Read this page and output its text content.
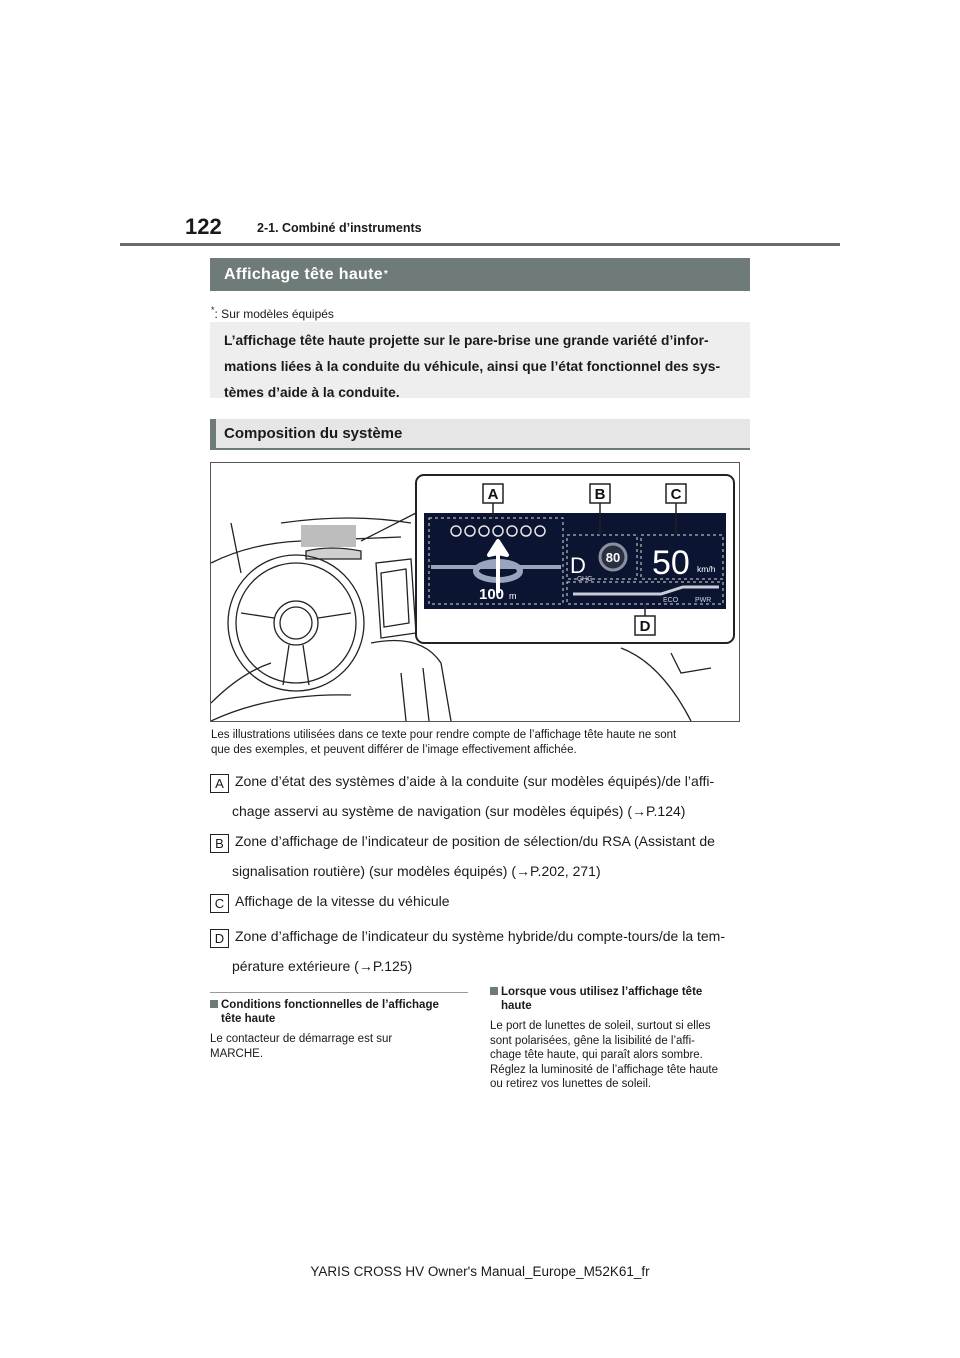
122	2-1. Combiné d’instruments
Affichage tête haute *
*: Sur modèles équipés
L’affichage tête haute projette sur le pare-brise une grande variété d’infor-
mations liées à la conduite du véhicule, ainsi que l’état fonctionnel des sys-
tèmes d’aide à la conduite.
Composition du système
100 m
D 80 50 km/h
CHG
ECO PWR
A	B	C
D
Les illustrations utilisées dans ce texte pour rendre compte de l’affichage tête haute ne sont
que des exemples, et peuvent différer de l’image effectivement affichée.
A Zone d’état des systèmes d’aide à la conduite (sur modèles équipés)/de l’affi-
chage asservi au système de navigation (sur modèles équipés) (→P.124)
B Zone d’affichage de l’indicateur de position de sélection/du RSA (Assistant de
signalisation routière) (sur modèles équipés) (→P.202, 271)
C Affichage de la vitesse du véhicule
D Zone d’affichage de l’indicateur du système hybride/du compte-tours/de la tem-
pérature extérieure (→P.125)
Conditions fonctionnelles de l’affichage
tête haute
Le contacteur de démarrage est sur
MARCHE.
Lorsque vous utilisez l’affichage tête
haute
Le port de lunettes de soleil, surtout si elles
sont polarisées, gêne la lisibilité de l’affi-
chage tête haute, qui paraît alors sombre.
Réglez la luminosité de l’affichage tête haute
ou retirez vos lunettes de soleil.
YARIS CROSS HV Owner's Manual_Europe_M52K61_fr
